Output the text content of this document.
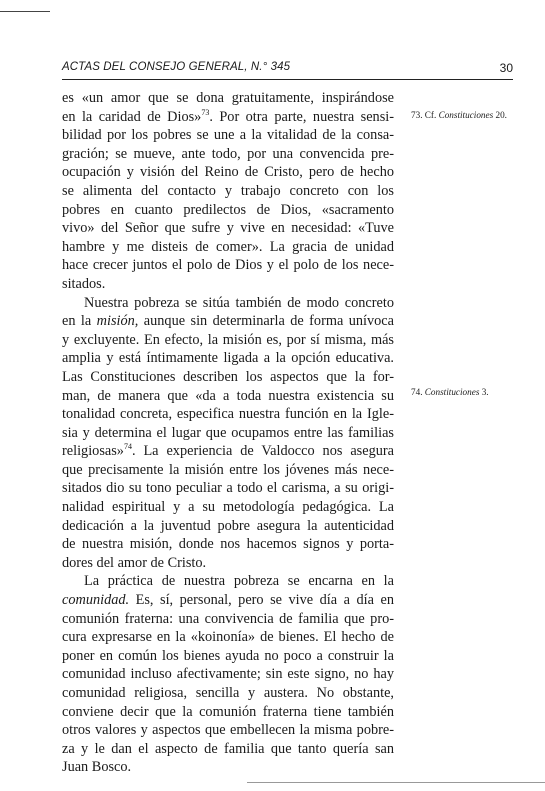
ACTAS DEL CONSEJO GENERAL, N.° 345	30

es «un amor que se dona gratuitamente, inspirándose
en la caridad de Dios»$^{73}$. Por otra parte, nuestra sensi-
bilidad por los pobres se une a la vitalidad de la consa-
gración; se mueve, ante todo, por una convencida pre-
ocupación y visión del Reino de Cristo, pero de hecho
se alimenta del contacto y trabajo concreto con los
pobres en cuanto predilectos de Dios, «sacramento
vivo» del Señor que sufre y vive en necesidad: «Tuve
hambre y me disteis de comer». La gracia de unidad
hace crecer juntos el polo de Dios y el polo de los nece-
sitados.

Nuestra pobreza se sitúa también de modo concreto
en la misión, aunque sin determinarla de forma unívoca
y excluyente. En efecto, la misión es, por sí misma, más
amplia y está íntimamente ligada a la opción educativa.
Las Constituciones describen los aspectos que la for-
man, de manera que «da a toda nuestra existencia su
tonalidad concreta, especifica nuestra función en la Igle-
sia y determina el lugar que ocupamos entre las familias
religiosas»$^{74}$. La experiencia de Valdocco nos asegura
que precisamente la misión entre los jóvenes más nece-
sitados dio su tono peculiar a todo el carisma, a su origi-
nalidad espiritual y a su metodología pedagógica. La
dedicación a la juventud pobre asegura la autenticidad
de nuestra misión, donde nos hacemos signos y porta-
dores del amor de Cristo.

La práctica de nuestra pobreza se encarna en la
comunidad. Es, sí, personal, pero se vive día a día en
comunión fraterna: una convivencia de familia que pro-
cura expresarse en la «koinonía» de bienes. El hecho de
poner en común los bienes ayuda no poco a construir la
comunidad incluso afectivamente; sin este signo, no hay
comunidad religiosa, sencilla y austera. No obstante,
conviene decir que la comunión fraterna tiene también
otros valores y aspectos que embellecen la misma pobre-
za y le dan el aspecto de familia que tanto quería san
Juan Bosco.

73. Cf. Constituciones 20.
74. Constituciones 3.
